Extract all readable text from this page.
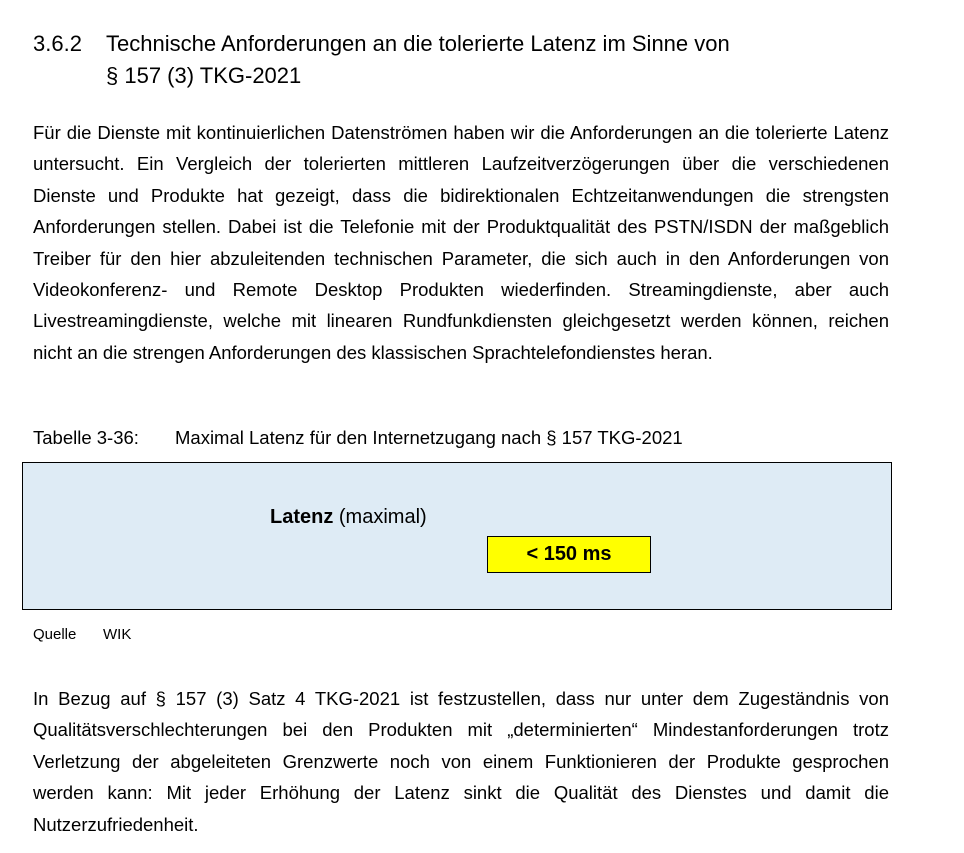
3.6.2	Technische Anforderungen an die tolerierte Latenz im Sinne von
§ 157 (3) TKG-2021

Für die Dienste mit kontinuierlichen Datenströmen haben wir die Anforderungen an die tolerierte Latenz untersucht. Ein Vergleich der tolerierten mittleren Laufzeitverzögerungen über die verschiedenen Dienste und Produkte hat gezeigt, dass die bidirektionalen Echtzeitanwendungen die strengsten Anforderungen stellen. Dabei ist die Telefonie mit der Produktqualität des PSTN/ISDN der maßgeblich Treiber für den hier abzuleitenden technischen Parameter, die sich auch in den Anforderungen von Videokonferenz- und Remote Desktop Produkten wiederfinden. Streamingdienste, aber auch Livestreamingdienste, welche mit linearen Rundfunkdiensten gleichgesetzt werden können, reichen nicht an die strengen Anforderungen des klassischen Sprachtelefondienstes heran.

Tabelle 3-36: Maximal Latenz für den Internetzugang nach § 157 TKG-2021
Latenz (maximal)
< 150 ms
Quelle WIK

In Bezug auf § 157 (3) Satz 4 TKG-2021 ist festzustellen, dass nur unter dem Zugeständnis von Qualitätsverschlechterungen bei den Produkten mit „determinierten“ Mindestanforderungen trotz Verletzung der abgeleiteten Grenzwerte noch von einem Funktionieren der Produkte gesprochen werden kann: Mit jeder Erhöhung der Latenz sinkt die Qualität des Dienstes und damit die Nutzerzufriedenheit.
